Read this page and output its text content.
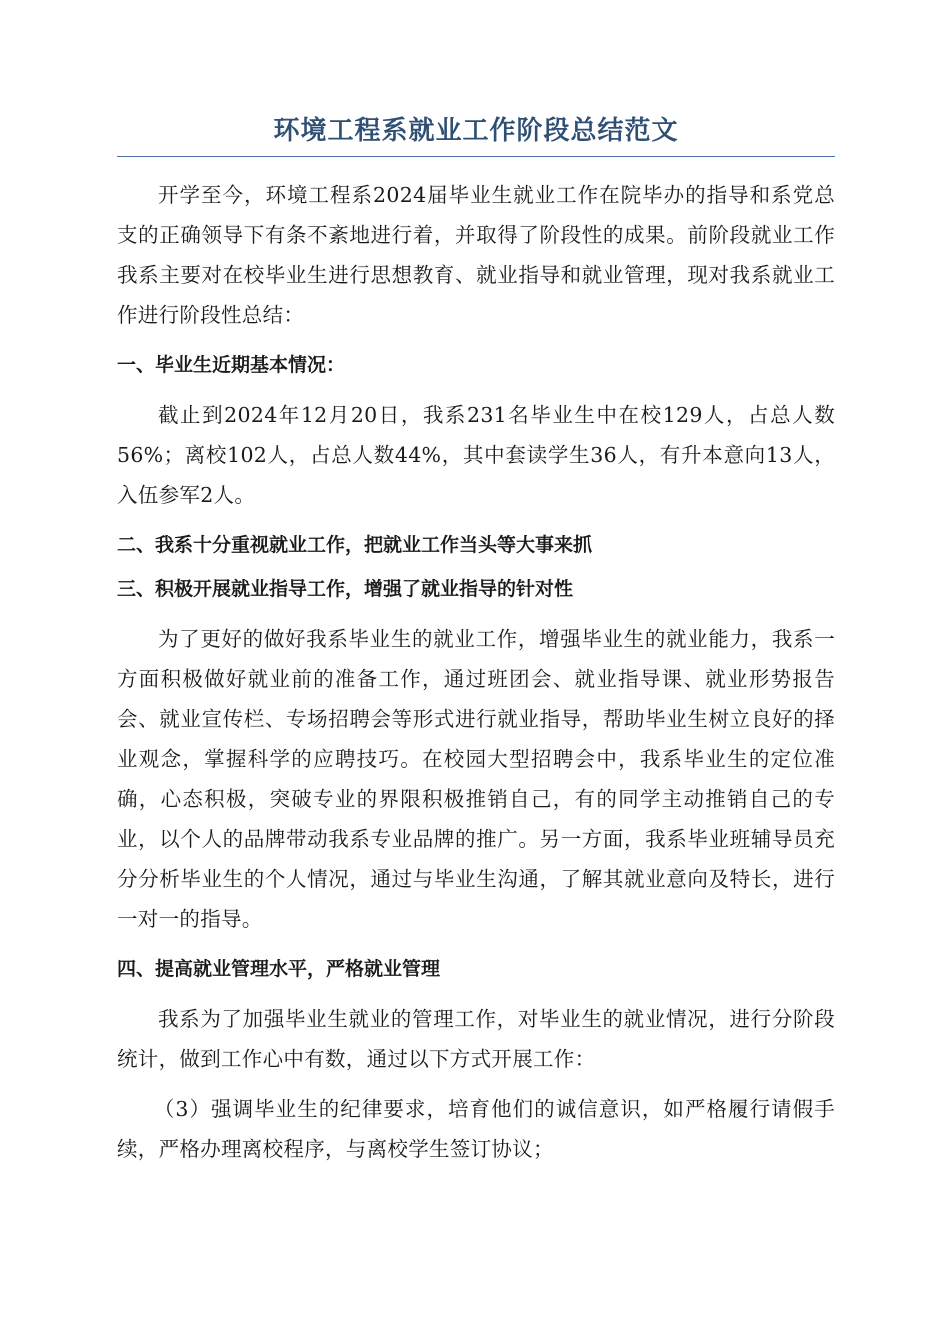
环境工程系就业工作阶段总结范文

开学至今，环境工程系2024届毕业生就业工作在院毕办的指导和系党总支的正确领导下有条不紊地进行着，并取得了阶段性的成果。前阶段就业工作我系主要对在校毕业生进行思想教育、就业指导和就业管理，现对我系就业工作进行阶段性总结：

一、毕业生近期基本情况：

截止到2024年12月20日，我系231名毕业生中在校129人，占总人数56%；离校102人，占总人数44%，其中套读学生36人，有升本意向13人，入伍参军2人。

二、我系十分重视就业工作，把就业工作当头等大事来抓
三、积极开展就业指导工作，增强了就业指导的针对性

为了更好的做好我系毕业生的就业工作，增强毕业生的就业能力，我系一方面积极做好就业前的准备工作，通过班团会、就业指导课、就业形势报告会、就业宣传栏、专场招聘会等形式进行就业指导，帮助毕业生树立良好的择业观念，掌握科学的应聘技巧。在校园大型招聘会中，我系毕业生的定位准确，心态积极，突破专业的界限积极推销自己，有的同学主动推销自己的专业，以个人的品牌带动我系专业品牌的推广。另一方面，我系毕业班辅导员充分分析毕业生的个人情况，通过与毕业生沟通，了解其就业意向及特长，进行一对一的指导。

四、提高就业管理水平，严格就业管理

我系为了加强毕业生就业的管理工作，对毕业生的就业情况，进行分阶段统计，做到工作心中有数，通过以下方式开展工作：

（3）强调毕业生的纪律要求，培育他们的诚信意识，如严格履行请假手续，严格办理离校程序，与离校学生签订协议；
